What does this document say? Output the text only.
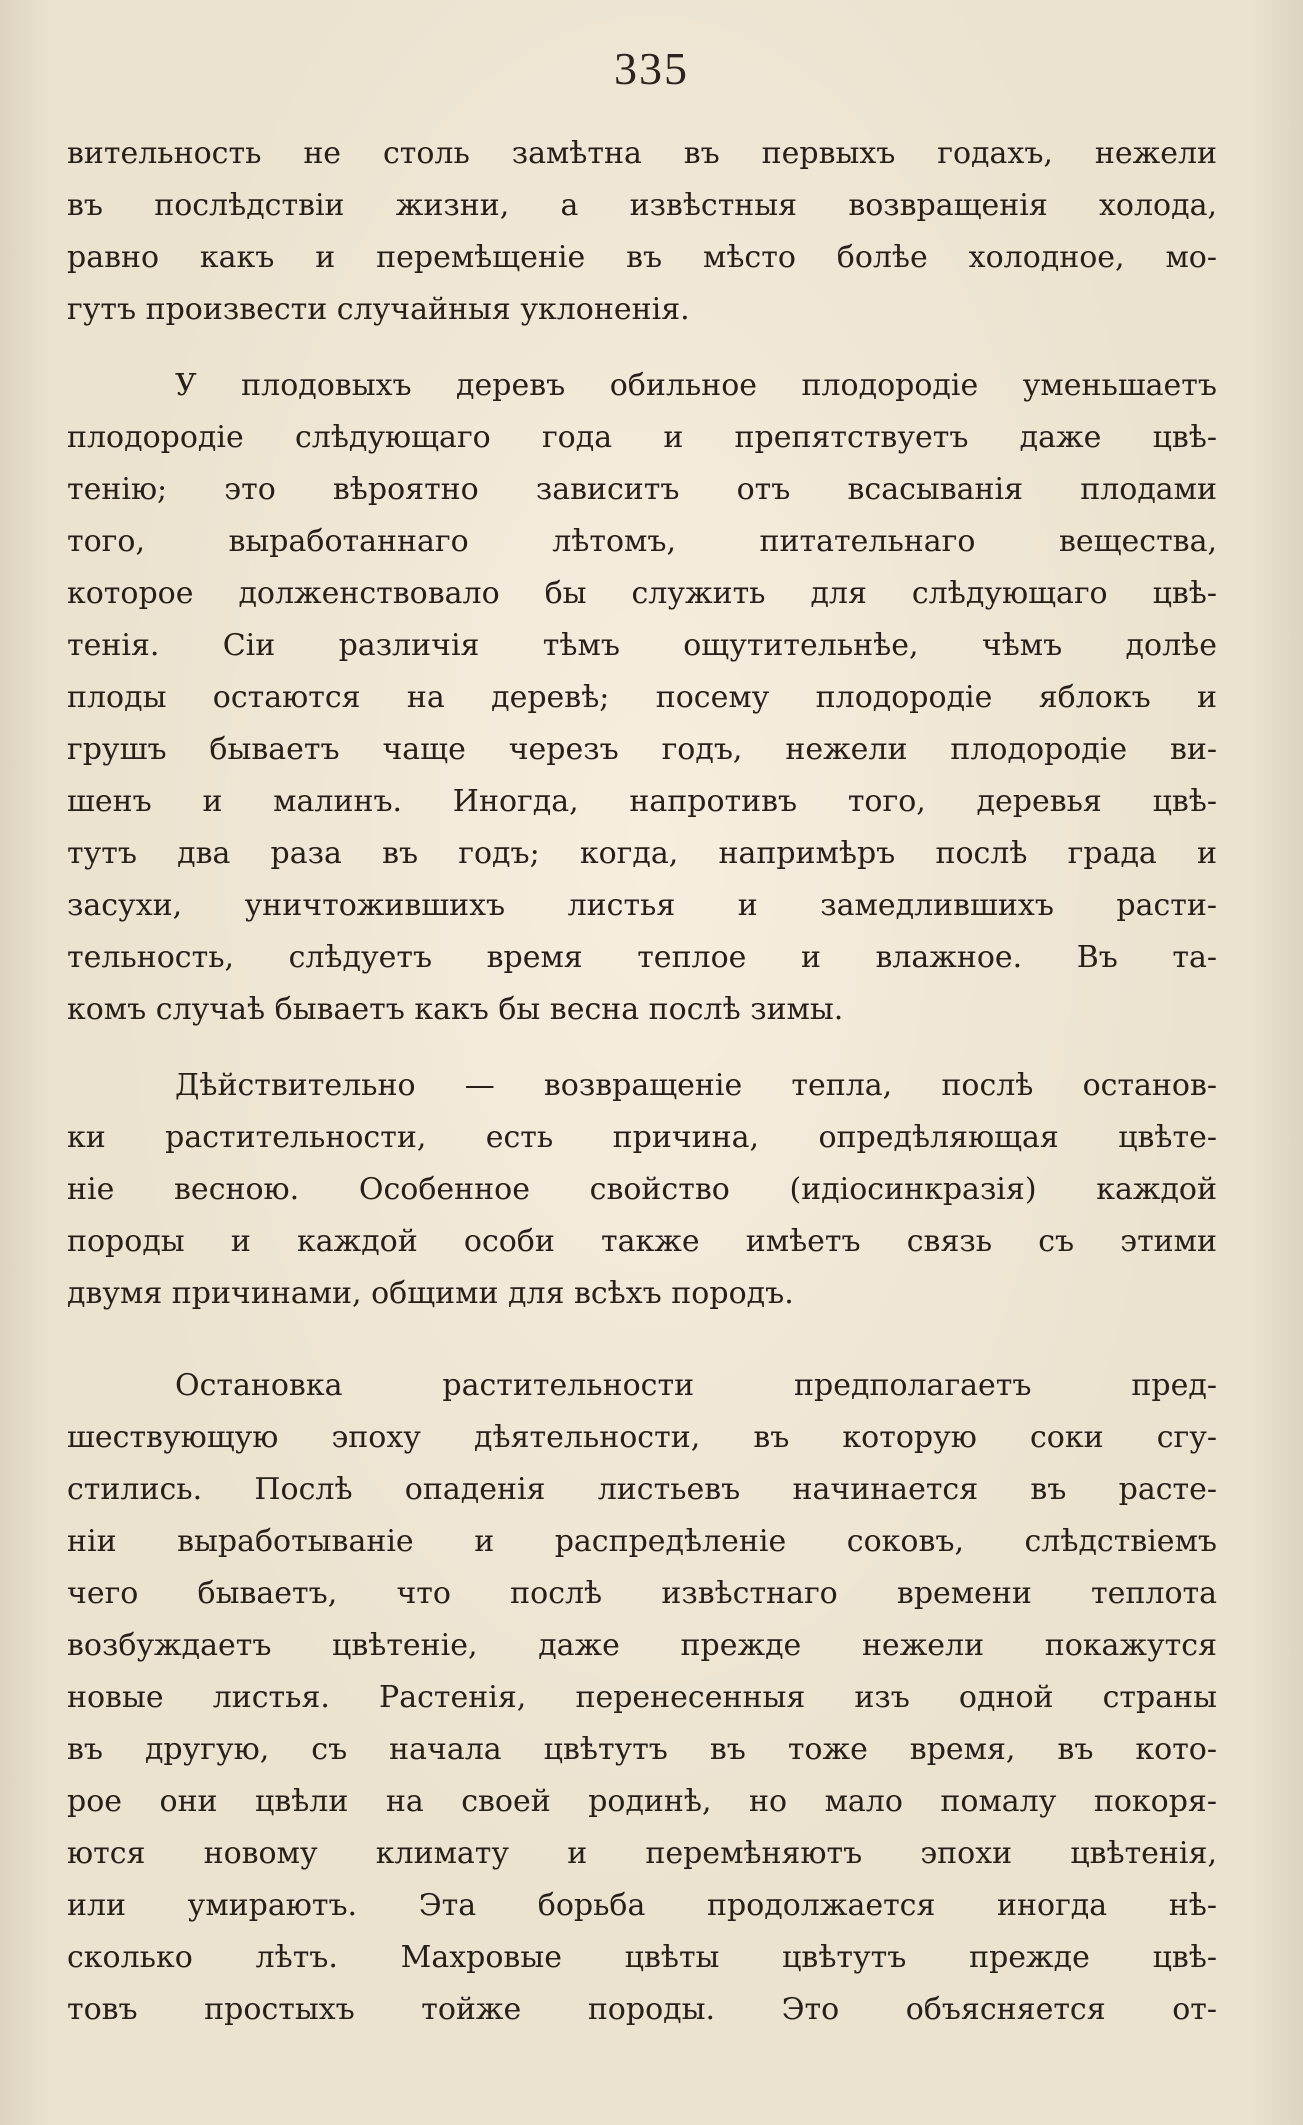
335
вительность не столь замѣтна въ первыхъ годахъ, нежели
въ послѣдствіи жизни, а извѣстныя возвращенія холода,
равно какъ и перемѣщеніе въ мѣсто болѣе холодное, мо-
гутъ произвести случайныя уклоненія.
У плодовыхъ деревъ обильное плодородіе уменьшаетъ
плодородіе слѣдующаго года и препятствуетъ даже цвѣ-
тенію; это вѣроятно зависитъ отъ всасыванія плодами
того, выработаннаго лѣтомъ, питательнаго вещества,
которое долженствовало бы служить для слѣдующаго цвѣ-
тенія. Сіи различія тѣмъ ощутительнѣе, чѣмъ долѣе
плоды остаются на деревѣ; посему плодородіе яблокъ и
грушъ бываетъ чаще черезъ годъ, нежели плодородіе ви-
шенъ и малинъ. Иногда, напротивъ того, деревья цвѣ-
тутъ два раза въ годъ; когда, напримѣръ послѣ града и
засухи, уничтожившихъ листья и замедлившихъ расти-
тельность, слѣдуетъ время теплое и влажное. Въ та-
комъ случаѣ бываетъ какъ бы весна послѣ зимы.
Дѣйствительно — возвращеніе тепла, послѣ останов-
ки растительности, есть причина, опредѣляющая цвѣте-
ніе весною. Особенное свойство (идіосинкразія) каждой
породы и каждой особи также имѣетъ связь съ этими
двумя причинами, общими для всѣхъ породъ.
Остановка растительности предполагаетъ пред-
шествующую эпоху дѣятельности, въ которую соки сгу-
стились. Послѣ опаденія листьевъ начинается въ расте-
ніи выработываніе и распредѣленіе соковъ, слѣдствіемъ
чего бываетъ, что послѣ извѣстнаго времени теплота
возбуждаетъ цвѣтеніе, даже прежде нежели покажутся
новые листья. Растенія, перенесенныя изъ одной страны
въ другую, съ начала цвѣтутъ въ тоже время, въ кото-
рое они цвѣли на своей родинѣ, но мало помалу покоря-
ются новому климату и перемѣняютъ эпохи цвѣтенія,
или умираютъ. Эта борьба продолжается иногда нѣ-
сколько лѣтъ. Махровые цвѣты цвѣтутъ прежде цвѣ-
товъ простыхъ тойже породы. Это объясняется от-
